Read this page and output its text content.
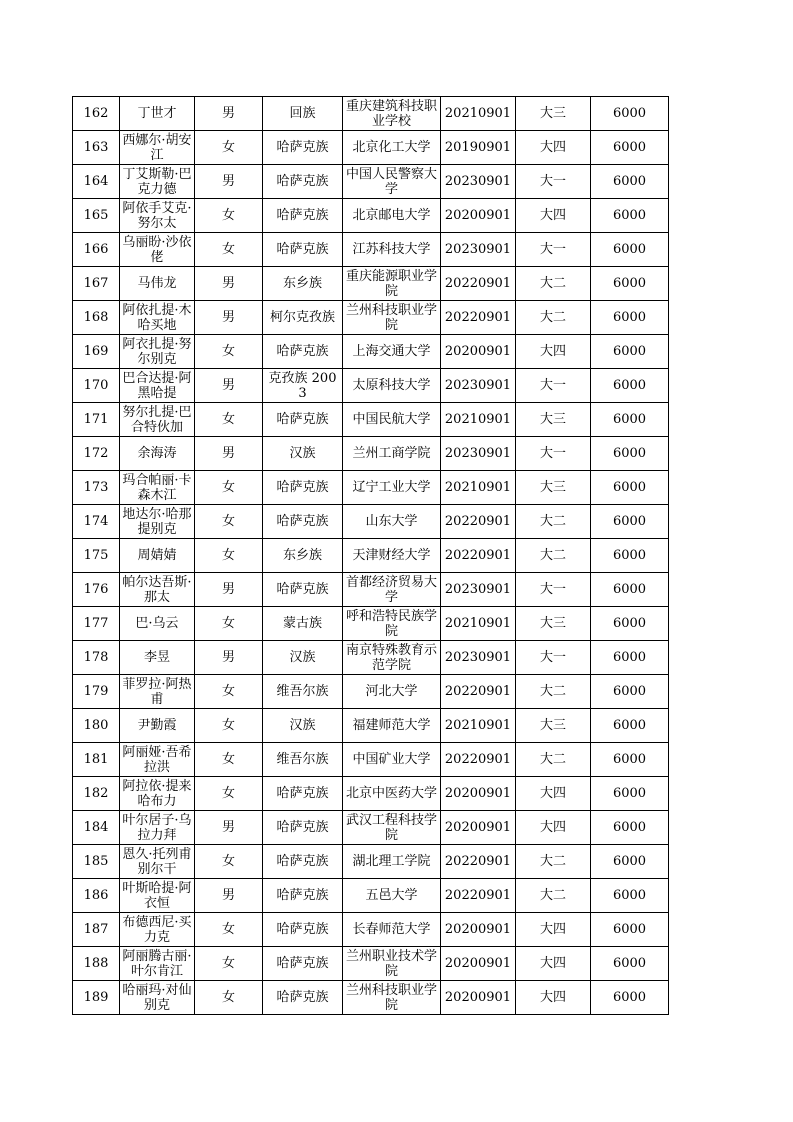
162	丁世才	男	回族	重庆建筑科技职业学校	20210901	大三	6000
163	西娜尔·胡安江	女	哈萨克族	北京化工大学	20190901	大四	6000
164	丁艾斯勒·巴克力德	男	哈萨克族	中国人民警察大学	20230901	大一	6000
165	阿依手艾克·努尔太	女	哈萨克族	北京邮电大学	20200901	大四	6000
166	乌丽盼·沙依佬	女	哈萨克族	江苏科技大学	20230901	大一	6000
167	马伟龙	男	东乡族	重庆能源职业学院	20220901	大二	6000
168	阿依扎提·木哈买地	男	柯尔克孜族	兰州科技职业学院	20220901	大二	6000
169	阿衣扎提·努尔别克	女	哈萨克族	上海交通大学	20200901	大四	6000
170	巴合达提·阿黑哈提	男	克孜族 2003	太原科技大学	20230901	大一	6000
171	努尔扎提·巴合特伙加	女	哈萨克族	中国民航大学	20210901	大三	6000
172	余海涛	男	汉族	兰州工商学院	20230901	大一	6000
173	玛合帕丽·卡森木江	女	哈萨克族	辽宁工业大学	20210901	大三	6000
174	地达尔·哈那提别克	女	哈萨克族	山东大学	20220901	大二	6000
175	周婧婧	女	东乡族	天津财经大学	20220901	大二	6000
176	帕尔达吾斯·那太	男	哈萨克族	首都经济贸易大学	20230901	大一	6000
177	巴·乌云	女	蒙古族	呼和浩特民族学院	20210901	大三	6000
178	李昱	男	汉族	南京特殊教育示范学院	20230901	大一	6000
179	菲罗拉·阿热甫	女	维吾尔族	河北大学	20220901	大二	6000
180	尹勤霞	女	汉族	福建师范大学	20210901	大三	6000
181	阿丽娅·吾希拉洪	女	维吾尔族	中国矿业大学	20220901	大二	6000
182	阿拉依·提来哈布力	女	哈萨克族	北京中医药大学	20200901	大四	6000
184	叶尔居子·乌拉力拜	男	哈萨克族	武汉工程科技学院	20200901	大四	6000
185	恩久·托列甫别尔干	女	哈萨克族	湖北理工学院	20220901	大二	6000
186	叶斯哈提·阿衣恒	男	哈萨克族	五邑大学	20220901	大二	6000
187	布德西尼·买力克	女	哈萨克族	长春师范大学	20200901	大四	6000
188	阿丽腾古丽·叶尔肯江	女	哈萨克族	兰州职业技术学院	20200901	大四	6000
189	哈丽玛·对仙别克	女	哈萨克族	兰州科技职业学院	20200901	大四	6000
